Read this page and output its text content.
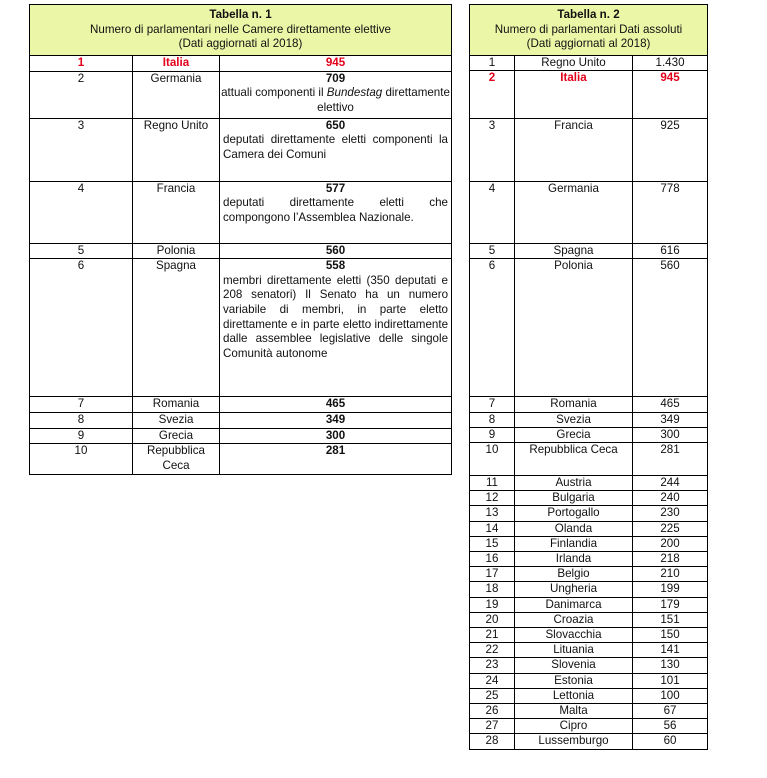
Tabella n. 1
Numero di parlamentari nelle Camere direttamente elettive
(Dati aggiornati al 2018)		

1	Italia	945

2	Germania	709
attuali componenti il Bundestag direttamente elettivo

3	Regno Unito	650
deputati direttamente eletti componenti la Camera dei Comuni

4	Francia	577
deputati direttamente eletti che compongono l’Assemblea Nazionale.

5	Polonia	560

6	Spagna	558
membri direttamente eletti (350 deputati e 208 senatori) Il Senato ha un numero variabile di membri, in parte eletto direttamente e in parte eletto indirettamente dalle assemblee legislative delle singole Comunità autonome

7	Romania	465

8	Svezia	349

9	Grecia	300

10	Repubblica Ceca	281
Tabella n. 2
Numero di parlamentari Dati assoluti
(Dati aggiornati al 2018)		

1	Regno Unito	1.430
2	Italia	945
3	Francia	925
4	Germania	778
5	Spagna	616
6	Polonia	560
7	Romania	465
8	Svezia	349
9	Grecia	300
10	Repubblica Ceca	281
11	Austria	244
12	Bulgaria	240
13	Portogallo	230
14	Olanda	225
15	Finlandia	200
16	Irlanda	218
17	Belgio	210
18	Ungheria	199
19	Danimarca	179
20	Croazia	151
21	Slovacchia	150
22	Lituania	141
23	Slovenia	130
24	Estonia	101
25	Lettonia	100
26	Malta	67
27	Cipro	56
28	Lussemburgo	60
